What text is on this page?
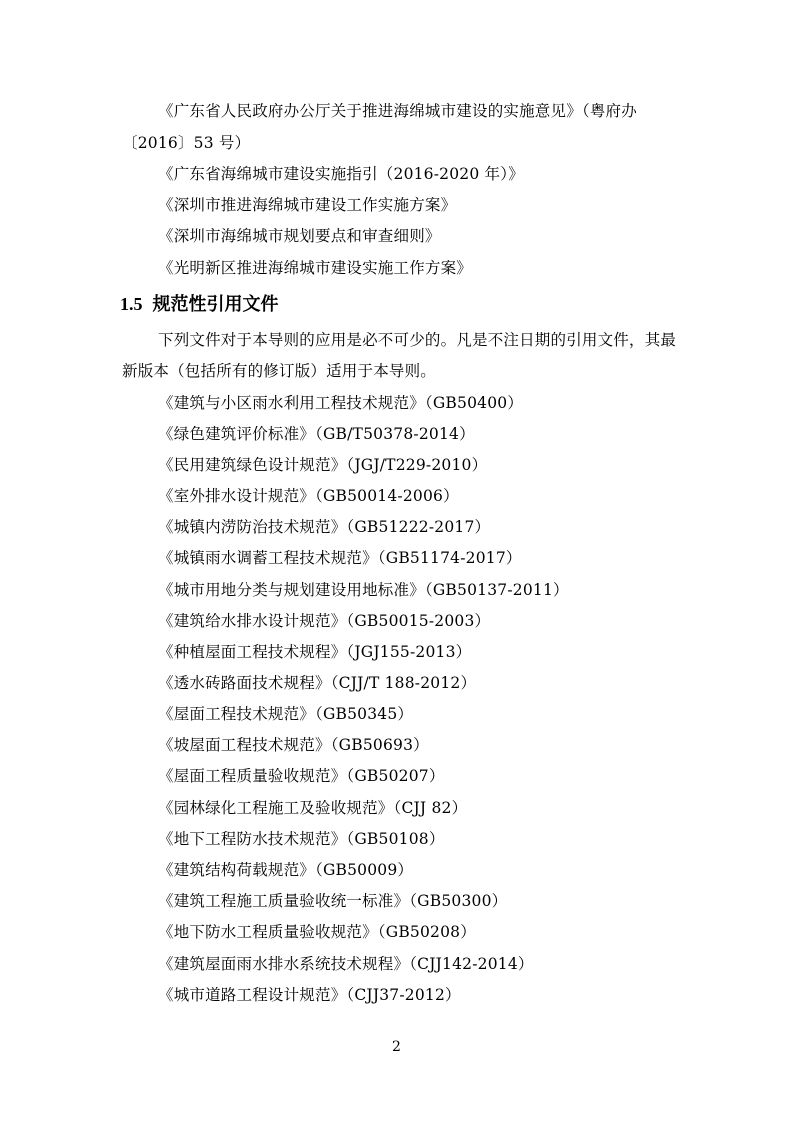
《广东省人民政府办公厅关于推进海绵城市建设的实施意见》（粤府办
〔2016〕53 号）
《广东省海绵城市建设实施指引（2016-2020 年）》
《深圳市推进海绵城市建设工作实施方案》
《深圳市海绵城市规划要点和审查细则》
《光明新区推进海绵城市建设实施工作方案》
1.5 规范性引用文件
下列文件对于本导则的应用是必不可少的。凡是不注日期的引用文件，其最
新版本（包括所有的修订版）适用于本导则。
《建筑与小区雨水利用工程技术规范》（GB50400）
《绿色建筑评价标准》（GB/T50378-2014）
《民用建筑绿色设计规范》（JGJ/T229-2010）
《室外排水设计规范》（GB50014-2006）
《城镇内涝防治技术规范》（GB51222-2017）
《城镇雨水调蓄工程技术规范》（GB51174-2017）
《城市用地分类与规划建设用地标准》（GB50137-2011）
《建筑给水排水设计规范》（GB50015-2003）
《种植屋面工程技术规程》（JGJ155-2013）
《透水砖路面技术规程》（CJJ/T 188-2012）
《屋面工程技术规范》（GB50345）
《坡屋面工程技术规范》（GB50693）
《屋面工程质量验收规范》（GB50207）
《园林绿化工程施工及验收规范》（CJJ 82）
《地下工程防水技术规范》（GB50108）
《建筑结构荷载规范》（GB50009）
《建筑工程施工质量验收统一标准》（GB50300）
《地下防水工程质量验收规范》（GB50208）
《建筑屋面雨水排水系统技术规程》（CJJ142-2014）
《城市道路工程设计规范》（CJJ37-2012）
2
